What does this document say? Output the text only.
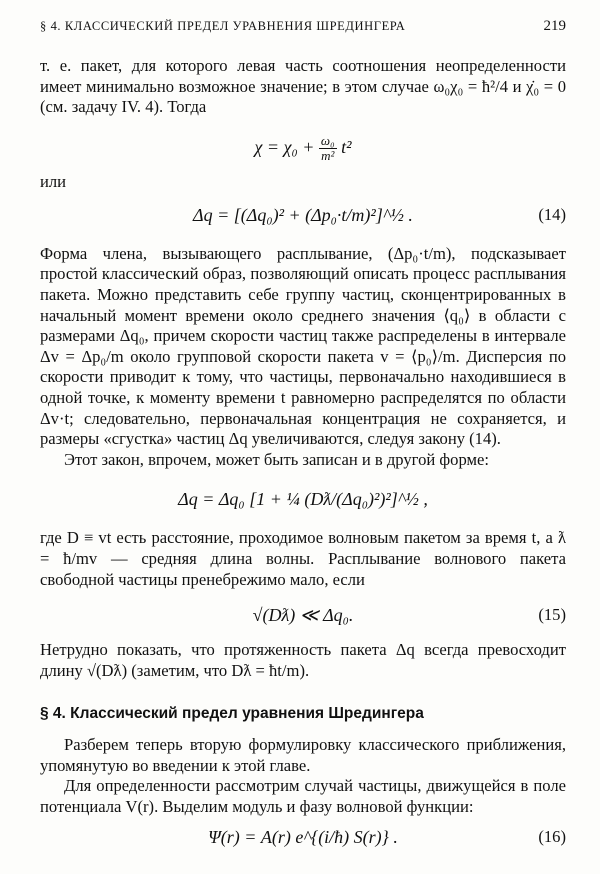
§ 4. КЛАССИЧЕСКИЙ ПРЕДЕЛ УРАВНЕНИЯ ШРЕДИНГЕРА	219

т. е. пакет, для которого левая часть соотношения неопределенности имеет минимально возможное значение; в этом случае ω₀χ₀ = ħ²/4 и χ̇₀ = 0 (см. задачу IV. 4). Тогда

$\chi = \chi_0 + \frac{\text{ω₀}}{\text{m²}} t^2$
или
Δq = [(Δq₀)² + (Δp₀·t/m)²]^½ .	(14)

Форма члена, вызывающего расплывание, (Δp₀·t/m), подсказывает простой классический образ, позволяющий описать процесс расплывания пакета. Можно представить себе группу частиц, сконцентрированных в начальный момент времени около среднего значения ⟨q₀⟩ в области с размерами Δq₀, причем скорости частиц также распределены в интервале Δv = Δp₀/m около групповой скорости пакета v = ⟨p₀⟩/m. Дисперсия по скорости приводит к тому, что частицы, первоначально находившиеся в одной точке, к моменту времени t равномерно распределятся по области Δv·t; следовательно, первоначальная концентрация не сохраняется, и размеры «сгустка» частиц Δq увеличиваются, следуя закону (14).

Этот закон, впрочем, может быть записан и в другой форме:

Δq = Δq₀ [1 + ¼ (Dƛ/(Δq₀)²)²]^½ ,

где D ≡ vt есть расстояние, проходимое волновым пакетом за время t, а ƛ = ħ/mv — средняя длина волны. Расплывание волнового пакета свободной частицы пренебрежимо мало, если

√(Dƛ) ≪ Δq₀.	(15)

Нетрудно показать, что протяженность пакета Δq всегда превосходит длину √(Dƛ) (заметим, что Dƛ = ħt/m).

§ 4. Классический предел уравнения Шредингера

Разберем теперь вторую формулировку классического приближения, упомянутую во введении к этой главе.

Для определенности рассмотрим случай частицы, движущейся в поле потенциала V(r). Выделим модуль и фазу волновой функции:

Ψ(r) = A(r) e^{(i/ħ) S(r)} .	(16)
